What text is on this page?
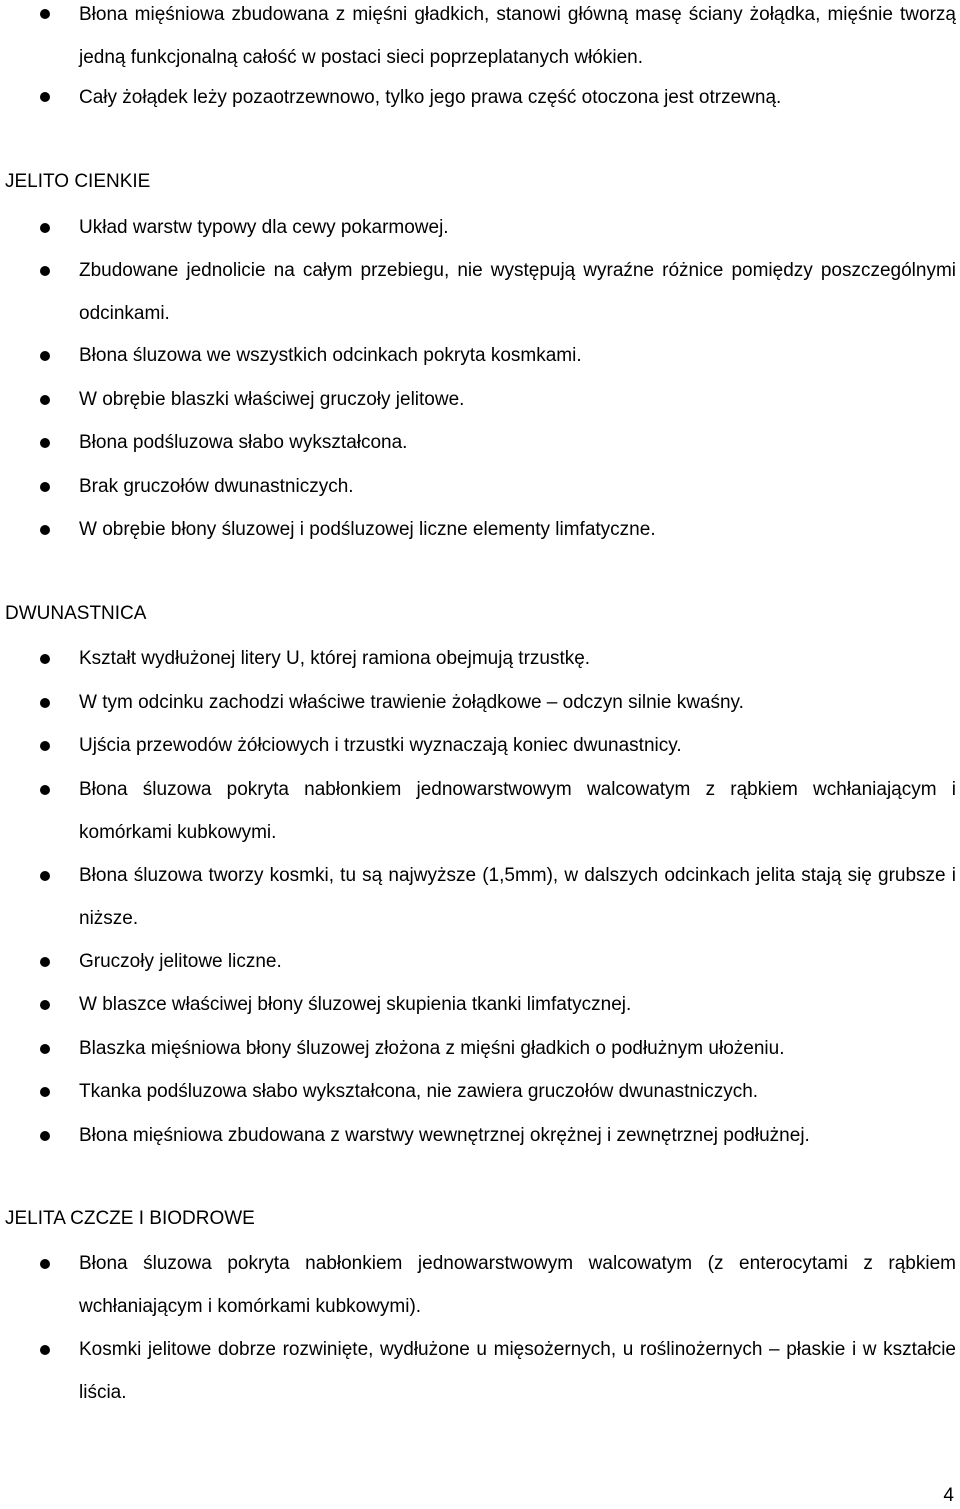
Błona mięśniowa zbudowana z mięśni gładkich, stanowi główną masę ściany żołądka, mięśnie tworzą jedną funkcjonalną całość w postaci sieci poprzeplatanych włókien.
Cały żołądek leży pozaotrzewnowo, tylko jego prawa część otoczona jest otrzewną.
JELITO CIENKIE
Układ warstw typowy dla cewy pokarmowej.
Zbudowane jednolicie na całym przebiegu, nie występują wyraźne różnice pomiędzy poszczególnymi odcinkami.
Błona śluzowa we wszystkich odcinkach pokryta kosmkami.
W obrębie blaszki właściwej gruczoły jelitowe.
Błona podśluzowa słabo wykształcona.
Brak gruczołów dwunastniczych.
W obrębie błony śluzowej i podśluzowej liczne elementy limfatyczne.
DWUNASTNICA
Kształt wydłużonej litery U, której ramiona obejmują trzustkę.
W tym odcinku zachodzi właściwe trawienie żołądkowe – odczyn silnie kwaśny.
Ujścia przewodów żółciowych i trzustki wyznaczają koniec dwunastnicy.
Błona śluzowa pokryta nabłonkiem jednowarstwowym walcowatym z rąbkiem wchłaniającym i komórkami kubkowymi.
Błona śluzowa tworzy kosmki, tu są najwyższe (1,5mm), w dalszych odcinkach jelita stają się grubsze i niższe.
Gruczoły jelitowe liczne.
W blaszce właściwej błony śluzowej skupienia tkanki limfatycznej.
Blaszka mięśniowa błony śluzowej złożona z mięśni gładkich o podłużnym ułożeniu.
Tkanka podśluzowa słabo wykształcona, nie zawiera gruczołów dwunastniczych.
Błona mięśniowa zbudowana z warstwy wewnętrznej okrężnej i zewnętrznej podłużnej.
JELITA CZCZE I BIODROWE
Błona śluzowa pokryta nabłonkiem jednowarstwowym walcowatym (z enterocytami z rąbkiem wchłaniającym i komórkami kubkowymi).
Kosmki jelitowe dobrze rozwinięte, wydłużone u mięsożernych, u roślinożernych – płaskie i w kształcie liścia.
4
